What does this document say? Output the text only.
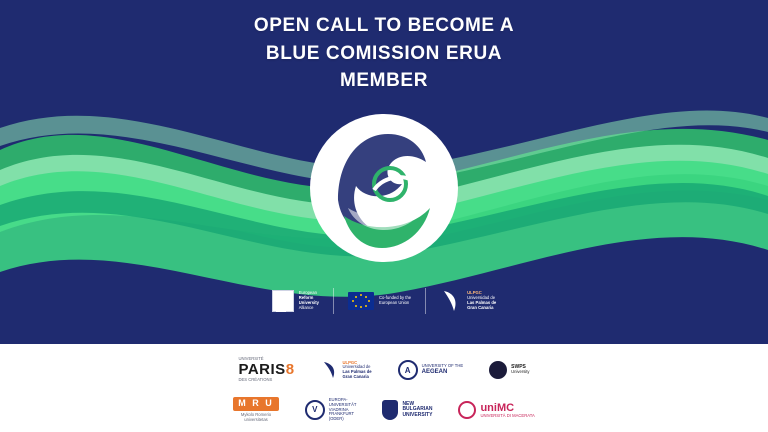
OPEN CALL TO BECOME A
BLUE COMISSION ERUA
MEMBER
European
Reform
University
Alliance
Co-funded by the
European Union
ULPGC
Universidad de
Las Palmas de
Gran Canaria
UNIVERSITÉ
PARIS8
DES CRÉATIONS
ULPGC
Universidad de
Las Palmas de
Gran Canaria
A	UNIVERSITY OF THE
AEGEAN
SWPS
University
M R U
Mykolo Romerio
universitetas
V
EUROPA-
UNIVERSITÄT
VIADRINA
FRANKFURT
(ODER)
NEW
BULGARIAN
UNIVERSITY
uniMC
UNIVERSITÀ DI MACERATA
